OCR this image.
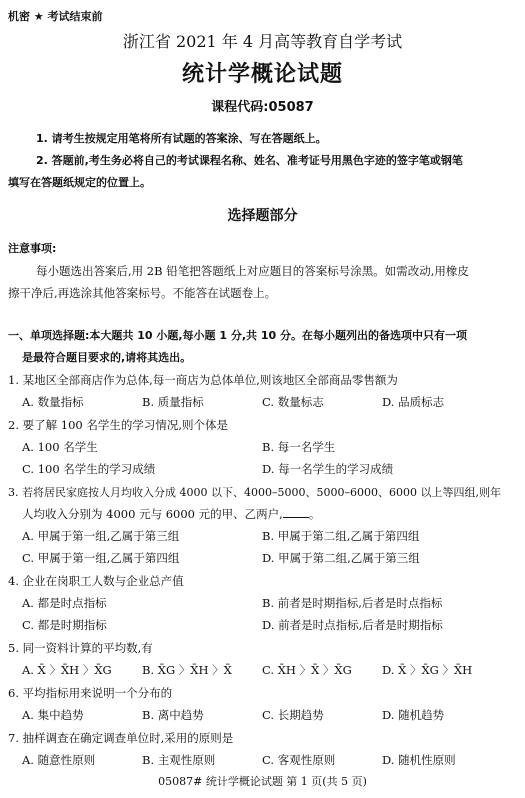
机密 ★ 考试结束前
浙江省 2021 年 4 月高等教育自学考试
统计学概论试题
课程代码:05087
1. 请考生按规定用笔将所有试题的答案涂、写在答题纸上。
2. 答题前,考生务必将自己的考试课程名称、姓名、准考证号用黑色字迹的签字笔或钢笔
填写在答题纸规定的位置上。
选择题部分
注意事项:
每小题选出答案后,用 2B 铅笔把答题纸上对应题目的答案标号涂黑。如需改动,用橡皮
擦干净后,再选涂其他答案标号。不能答在试题卷上。
一、单项选择题:本大题共 10 小题,每小题 1 分,共 10 分。在每小题列出的备选项中只有一项
是最符合题目要求的,请将其选出。
1. 某地区全部商店作为总体,每一商店为总体单位,则该地区全部商品零售额为
A. 数量指标	B. 质量指标	C. 数量标志	D. 品质标志
2. 要了解 100 名学生的学习情况,则个体是
A. 100 名学生	B. 每一名学生
C. 100 名学生的学习成绩	D. 每一名学生的学习成绩
3. 若将居民家庭按人月均收入分成 4000 以下、4000–5000、5000–6000、6000 以上等四组,则年
人均收入分别为 4000 元与 6000 元的甲、乙两户, 。
A. 甲属于第一组,乙属于第三组	B. 甲属于第二组,乙属于第四组
C. 甲属于第一组,乙属于第四组	D. 甲属于第二组,乙属于第三组
4. 企业在岗职工人数与企业总产值
A. 都是时点指标	B. 前者是时期指标,后者是时点指标
C. 都是时期指标	D. 前者是时点指标,后者是时期指标
5. 同一资料计算的平均数,有
A. X̄ 〉X̄H 〉X̄G	B. X̄G 〉X̄H 〉X̄	C. X̄H 〉X̄ 〉X̄G	D. X̄ 〉X̄G 〉X̄H
6. 平均指标用来说明一个分布的
A. 集中趋势	B. 离中趋势	C. 长期趋势	D. 随机趋势
7. 抽样调查在确定调查单位时,采用的原则是
A. 随意性原则	B. 主观性原则	C. 客观性原则	D. 随机性原则
05087# 统计学概论试题 第 1 页(共 5 页)
